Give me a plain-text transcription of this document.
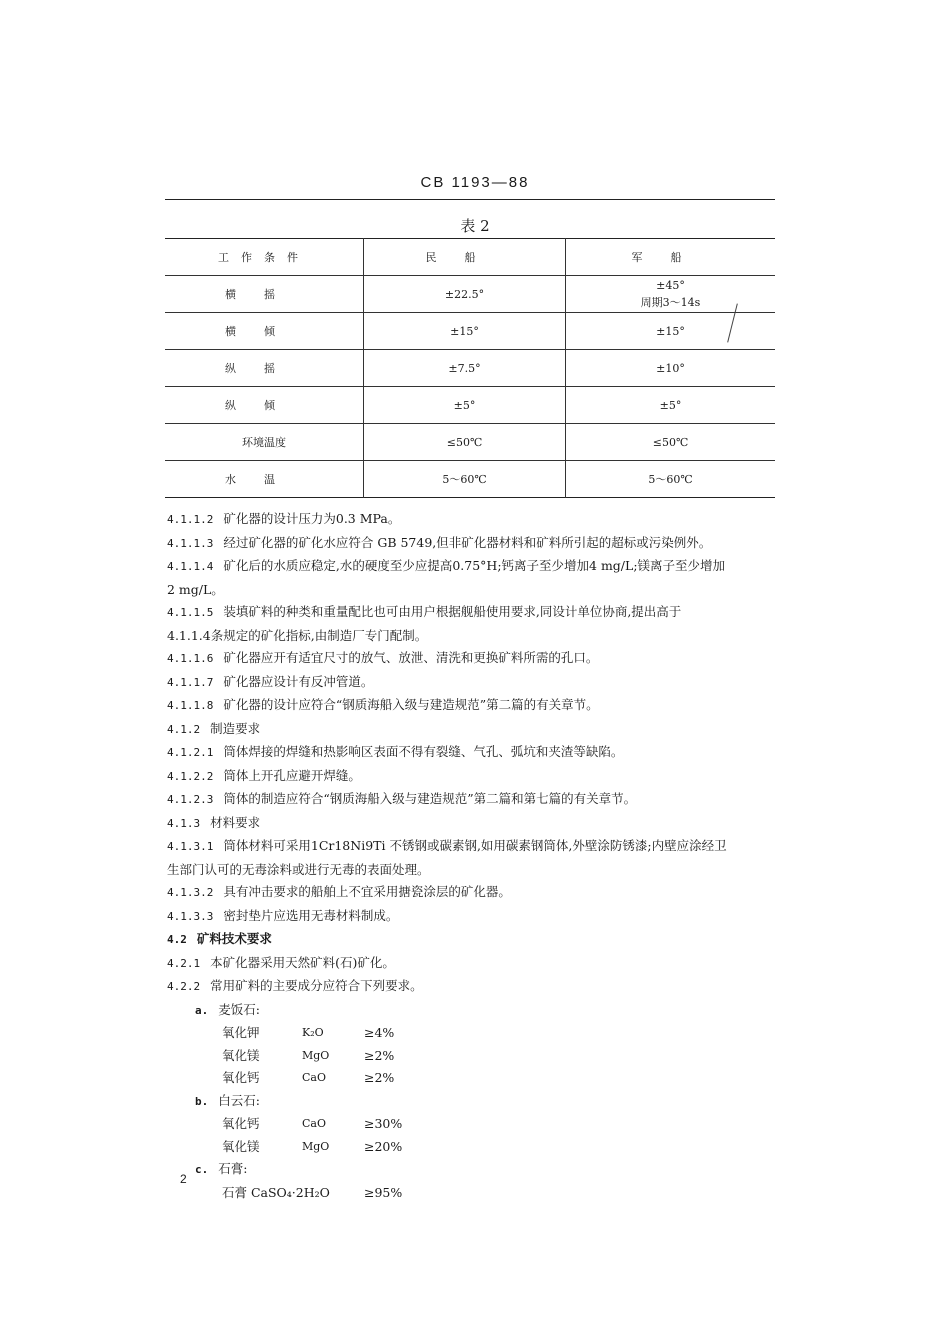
CB 1193—88
表 2
工作条件	民船	军船
横摇	±22.5°	±45°
周期3～14s

横倾	±15°	±15°
纵摇	±7.5°	±10°
纵倾	±5°	±5°
环境温度	≤50℃	≤50℃
水温	5～60℃	5～60℃

4.1.1.2 矿化器的设计压力为0.3 MPa。

4.1.1.3 经过矿化器的矿化水应符合 GB 5749,但非矿化器材料和矿料所引起的超标或污染例外。

4.1.1.4 矿化后的水质应稳定,水的硬度至少应提高0.75°H;钙离子至少增加4 mg/L;镁离子至少增加

2 mg/L。

4.1.1.5 装填矿料的种类和重量配比也可由用户根据舰船使用要求,同设计单位协商,提出高于

4.1.1.4条规定的矿化指标,由制造厂专门配制。

4.1.1.6 矿化器应开有适宜尺寸的放气、放泄、清洗和更换矿料所需的孔口。

4.1.1.7 矿化器应设计有反冲管道。

4.1.1.8 矿化器的设计应符合“钢质海船入级与建造规范”第二篇的有关章节。

4.1.2 制造要求

4.1.2.1 筒体焊接的焊缝和热影响区表面不得有裂缝、气孔、弧坑和夹渣等缺陷。

4.1.2.2 筒体上开孔应避开焊缝。

4.1.2.3 筒体的制造应符合“钢质海船入级与建造规范”第二篇和第七篇的有关章节。

4.1.3 材料要求

4.1.3.1 筒体材料可采用1Cr18Ni9Ti 不锈钢或碳素钢,如用碳素钢筒体,外壁涂防锈漆;内壁应涂经卫

生部门认可的无毒涂料或进行无毒的表面处理。

4.1.3.2 具有冲击要求的船舶上不宜采用搪瓷涂层的矿化器。

4.1.3.3 密封垫片应选用无毒材料制成。

4.2 矿料技术要求

4.2.1 本矿化器采用天然矿料(石)矿化。

4.2.2 常用矿料的主要成分应符合下列要求。

a. 麦饭石:

氧化钾	K₂O	≥4%

氧化镁	MgO	≥2%

氧化钙	CaO	≥2%

b. 白云石:

氧化钙	CaO	≥30%

氧化镁	MgO	≥20%

c. 石膏:

石膏 CaSO₄·2H₂O	≥95%

2
